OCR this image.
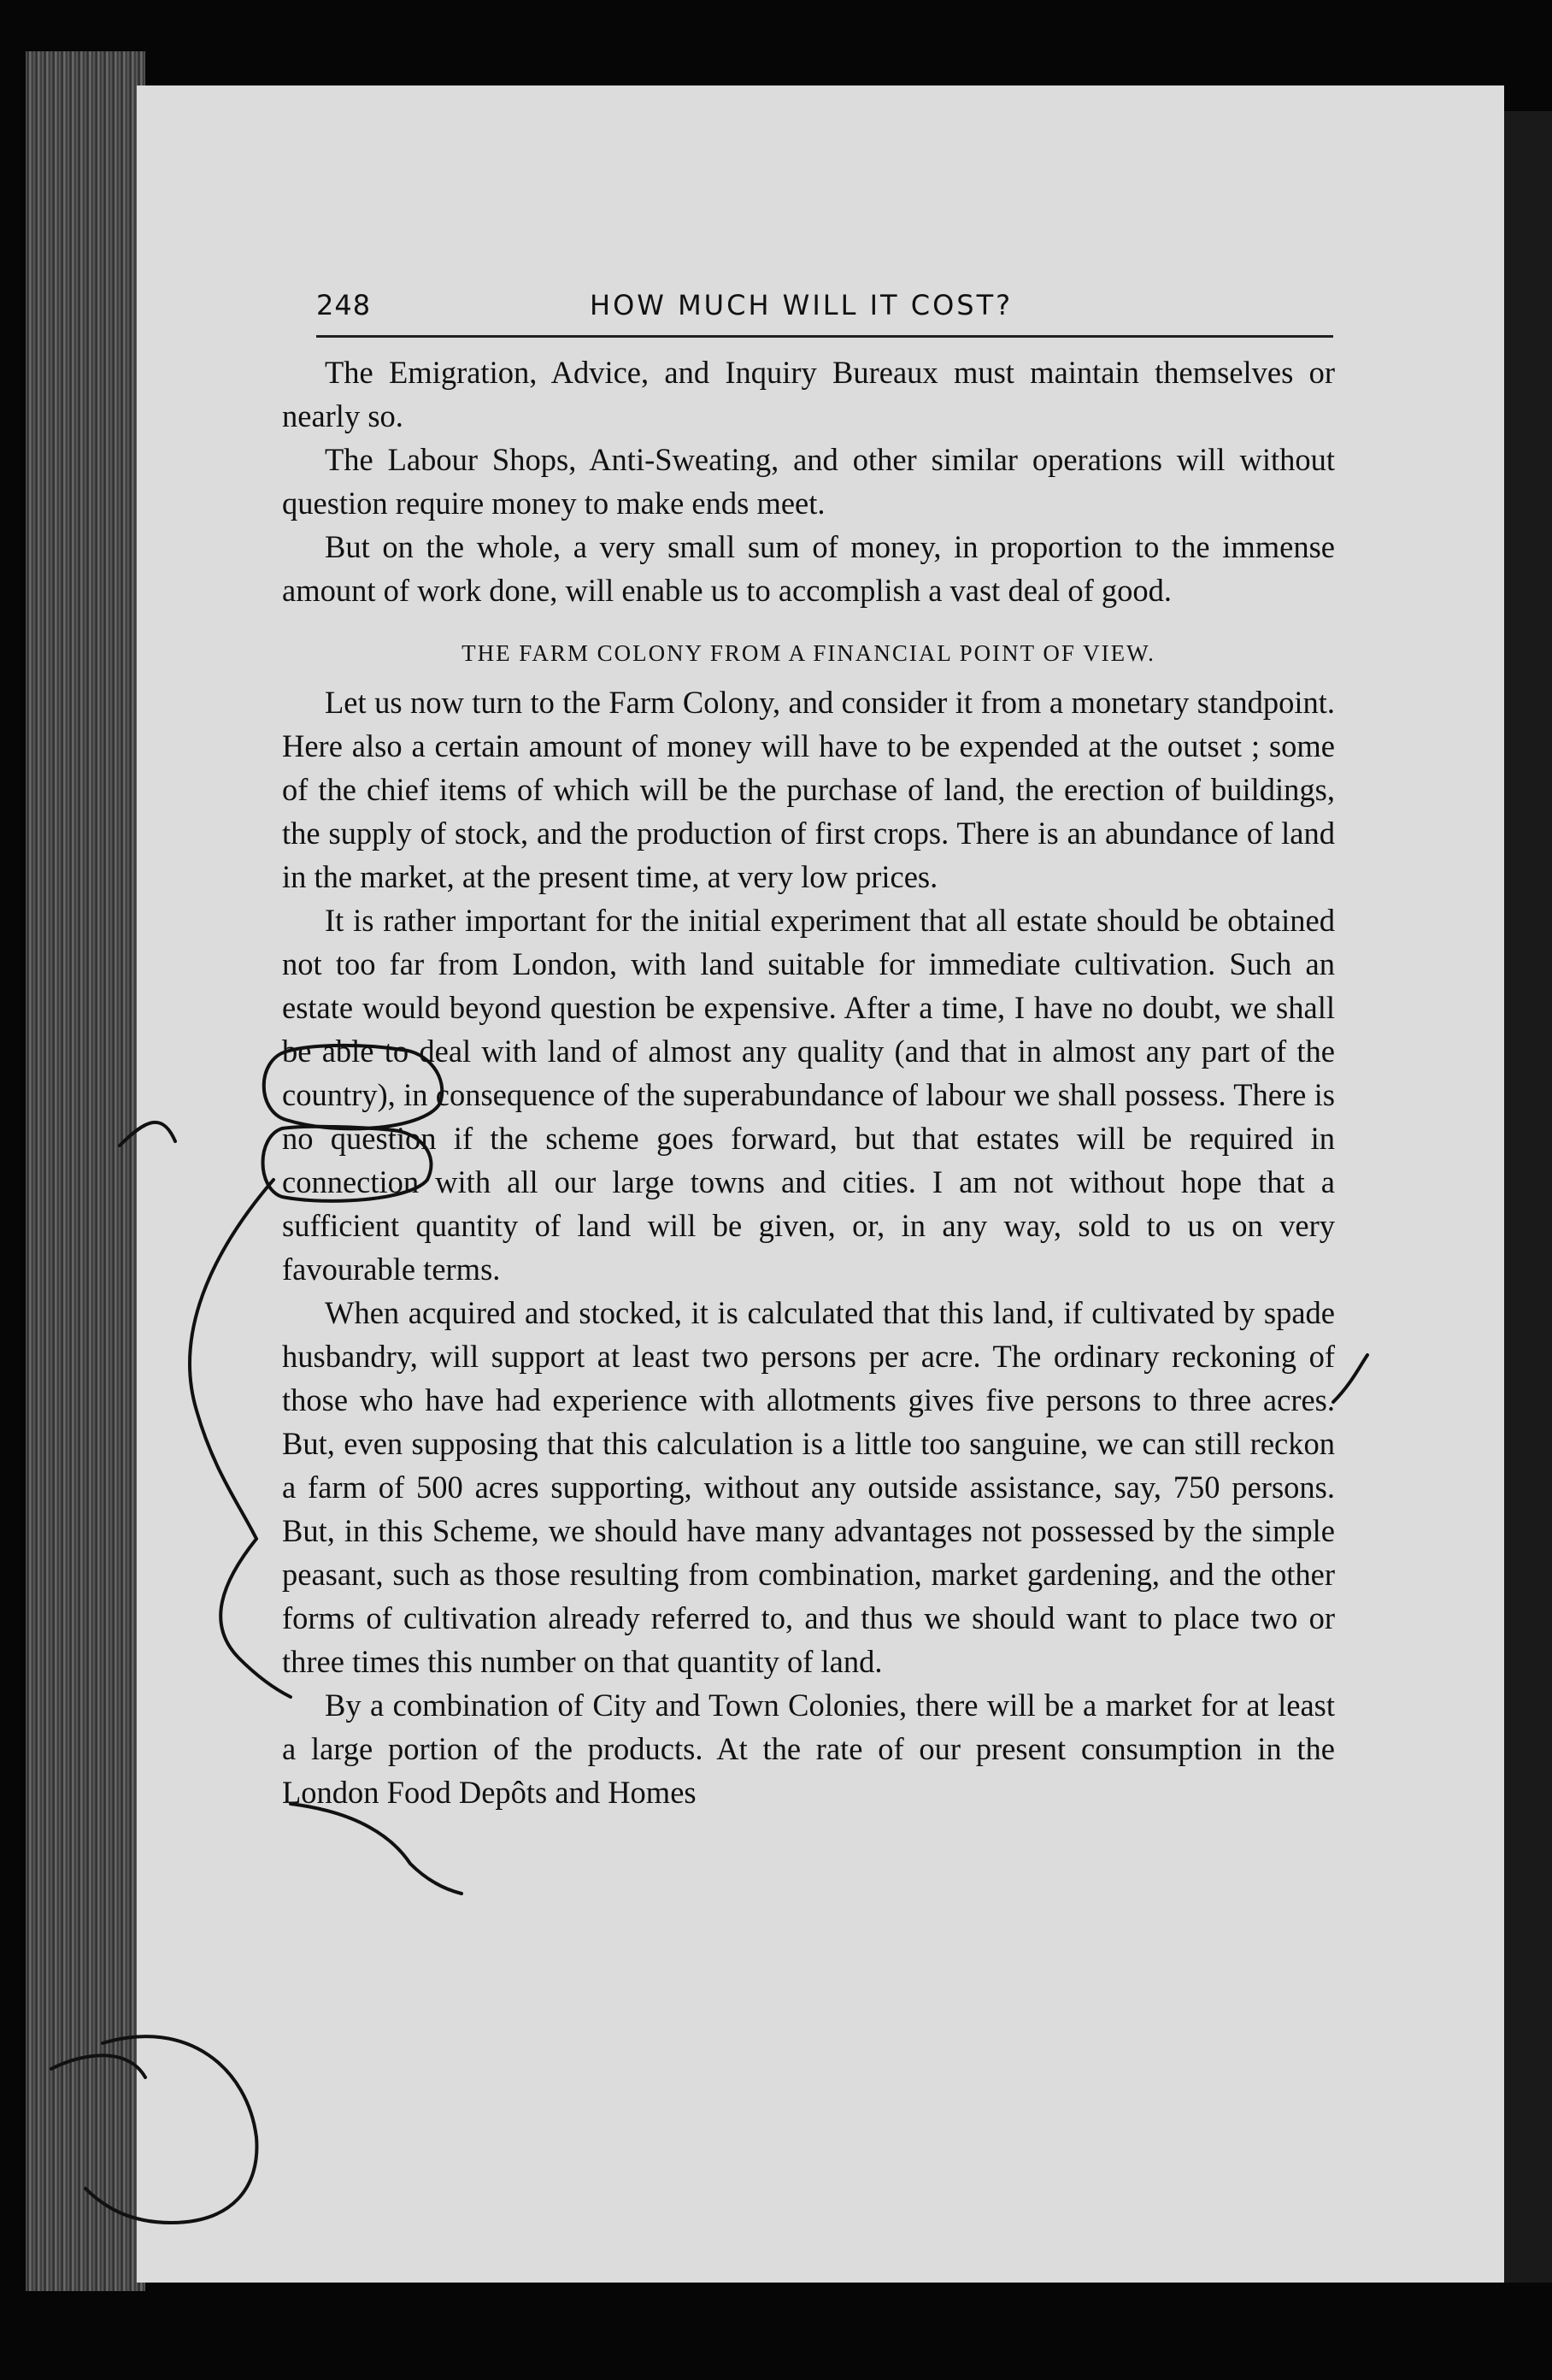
248	HOW MUCH WILL IT COST?

The Emigration, Advice, and Inquiry Bureaux must maintain themselves or nearly so.

The Labour Shops, Anti-Sweating, and other similar operations will without question require money to make ends meet.

But on the whole, a very small sum of money, in proportion to the immense amount of work done, will enable us to accomplish a vast deal of good.

THE FARM COLONY FROM A FINANCIAL POINT OF VIEW.

Let us now turn to the Farm Colony, and consider it from a monetary standpoint. Here also a certain amount of money will have to be expended at the outset ; some of the chief items of which will be the purchase of land, the erection of buildings, the supply of stock, and the production of first crops. There is an abundance of land in the market, at the present time, at very low prices.

It is rather important for the initial experiment that all estate should be obtained not too far from London, with land suitable for immediate cultivation. Such an estate would beyond question be expensive. After a time, I have no doubt, we shall be able to deal with land of almost any quality (and that in almost any part of the country), in consequence of the superabundance of labour we shall possess. There is no question if the scheme goes forward, but that estates will be required in connection with all our large towns and cities. I am not without hope that a sufficient quantity of land will be given, or, in any way, sold to us on very favourable terms.

When acquired and stocked, it is calculated that this land, if cultivated by spade husbandry, will support at least two persons per acre. The ordinary reckoning of those who have had experience with allotments gives five persons to three acres. But, even supposing that this calculation is a little too sanguine, we can still reckon a farm of 500 acres supporting, without any outside assistance, say, 750 persons. But, in this Scheme, we should have many advantages not possessed by the simple peasant, such as those resulting from combination, market gardening, and the other forms of cultivation already referred to, and thus we should want to place two or three times this number on that quantity of land.

By a combination of City and Town Colonies, there will be a market for at least a large portion of the products. At the rate of our present consumption in the London Food Depôts and Homes
